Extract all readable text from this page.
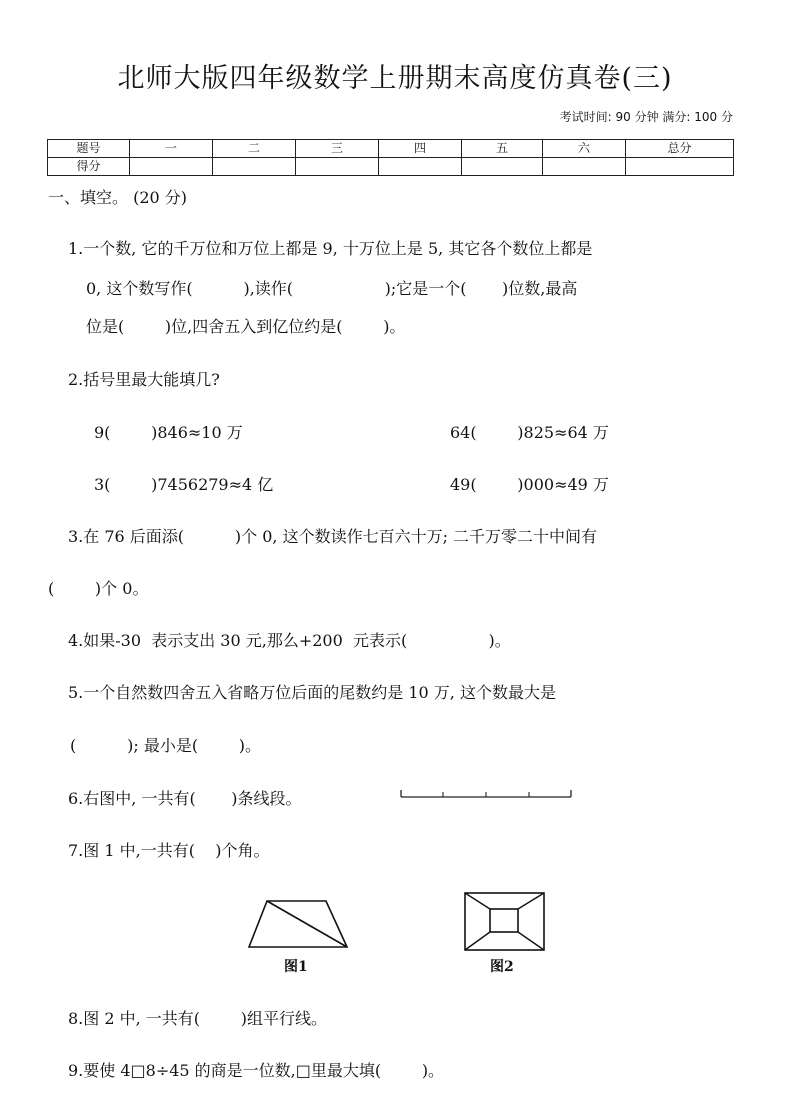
北师大版四年级数学上册期末高度仿真卷(三)
考试时间: 90 分钟 满分: 100 分
题号	一	二	三	四	五	六	总分
得分							
一、填空。 (20 分)
1.一个数, 它的千万位和万位上都是 9, 十万位上是 5, 其它各个数位上都是
0, 这个数写作(          ),读作(                  );它是一个(       )位数,最高
位是(        )位,四舍五入到亿位约是(        )。
2.括号里最大能填几?
9(        )846≈10 万	64(        )825≈64 万
3(        )7456279≈4 亿	49(        )000≈49 万
3.在 76 后面添(          )个 0, 这个数读作七百六十万; 二千万零二十中间有
(        )个 0。
4.如果-30  表示支出 30 元,那么+200  元表示(                )。
5.一个自然数四舍五入省略万位后面的尾数约是 10 万, 这个数最大是
(          ); 最小是(        )。
6.右图中, 一共有(       )条线段。
7.图 1 中,一共有(    )个角。
图1	图2
8.图 2 中, 一共有(        )组平行线。
9.要使 4□8÷45 的商是一位数,□里最大填(        )。
